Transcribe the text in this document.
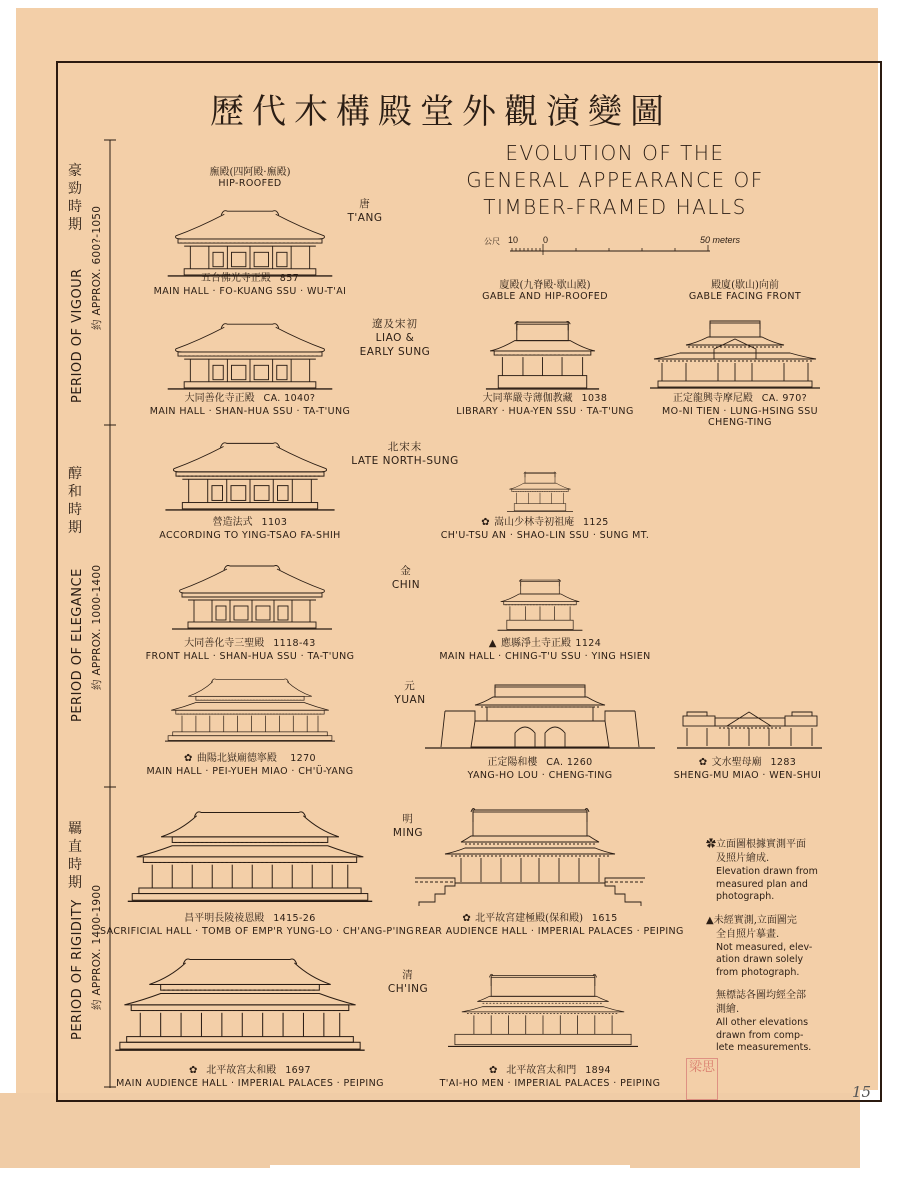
歷代木構殿堂外觀演變圖
EVOLUTION OF THE
GENERAL APPEARANCE OF
TIMBER-FRAMED HALLS
公尺 10	0	50 meters
豪勁時期
PERIOD OF VIGOUR
約 APPROX. 600?-1050
醇和時期
PERIOD OF ELEGANCE 約 APPROX. 1000-1400
羈直時期
PERIOD OF RIGIDITY 約 APPROX. 1400-1900
廡殿(四阿殿·廡殿)
HIP-ROOFED
廈殿(九脊殿·歇山殿)
GABLE AND HIP-ROOFED
殿廈(歇山)向前
GABLE FACING FRONT
唐
T'ANG
遼及宋初
LIAO &
EARLY SUNG
北宋末
LATE NORTH-SUNG
金
CHIN
元
YUAN
明
MING
清
CH'ING
五台佛光寺正殿 857
MAIN HALL · FO-KUANG SSU · WU-T'AI
大同善化寺正殿 CA. 1040?
MAIN HALL · SHAN-HUA SSU · TA-T'UNG
大同華嚴寺薄伽教藏 1038
LIBRARY · HUA-YEN SSU · TA-T'UNG
正定龍興寺摩尼殿 CA. 970?
MO-NI TIEN · LUNG-HSING SSU
CHENG-TING
營造法式 1103
ACCORDING TO YING-TSAO FA-SHIH
✿ 嵩山少林寺初祖庵 1125
CH'U-TSU AN · SHAO-LIN SSU · SUNG MT.
大同善化寺三聖殿 1118-43
FRONT HALL · SHAN-HUA SSU · TA-T'UNG
▲ 應縣淨土寺正殿 1124
MAIN HALL · CHING-T'U SSU · YING HSIEN
✿ 曲陽北嶽廟德寧殿 1270
MAIN HALL · PEI-YUEH MIAO · CH'Ü-YANG
正定陽和樓 CA. 1260
YANG-HO LOU · CHENG-TING
✿ 文水聖母廟 1283
SHENG-MU MIAO · WEN-SHUI
昌平明長陵祾恩殿 1415-26
SACRIFICIAL HALL · TOMB OF EMP'R YUNG-LO · CH'ANG-P'ING
✿ 北平故宮建極殿(保和殿) 1615
REAR AUDIENCE HALL · IMPERIAL PALACES · PEIPING
✿ 北平故宮太和殿 1697
MAIN AUDIENCE HALL · IMPERIAL PALACES · PEIPING
✿ 北平故宮太和門 1894
T'AI-HO MEN · IMPERIAL PALACES · PEIPING
✿立面圖根據實測平面
及照片繪成.
Elevation drawn from
measured plan and
photograph.
▲未經實測,立面圖完
全自照片摹畫.
Not measured, elev-
ation drawn solely
from photograph.
無標誌各圖均經全部
測繪.
All other elevations
drawn from comp-
lete measurements.
梁思
15
